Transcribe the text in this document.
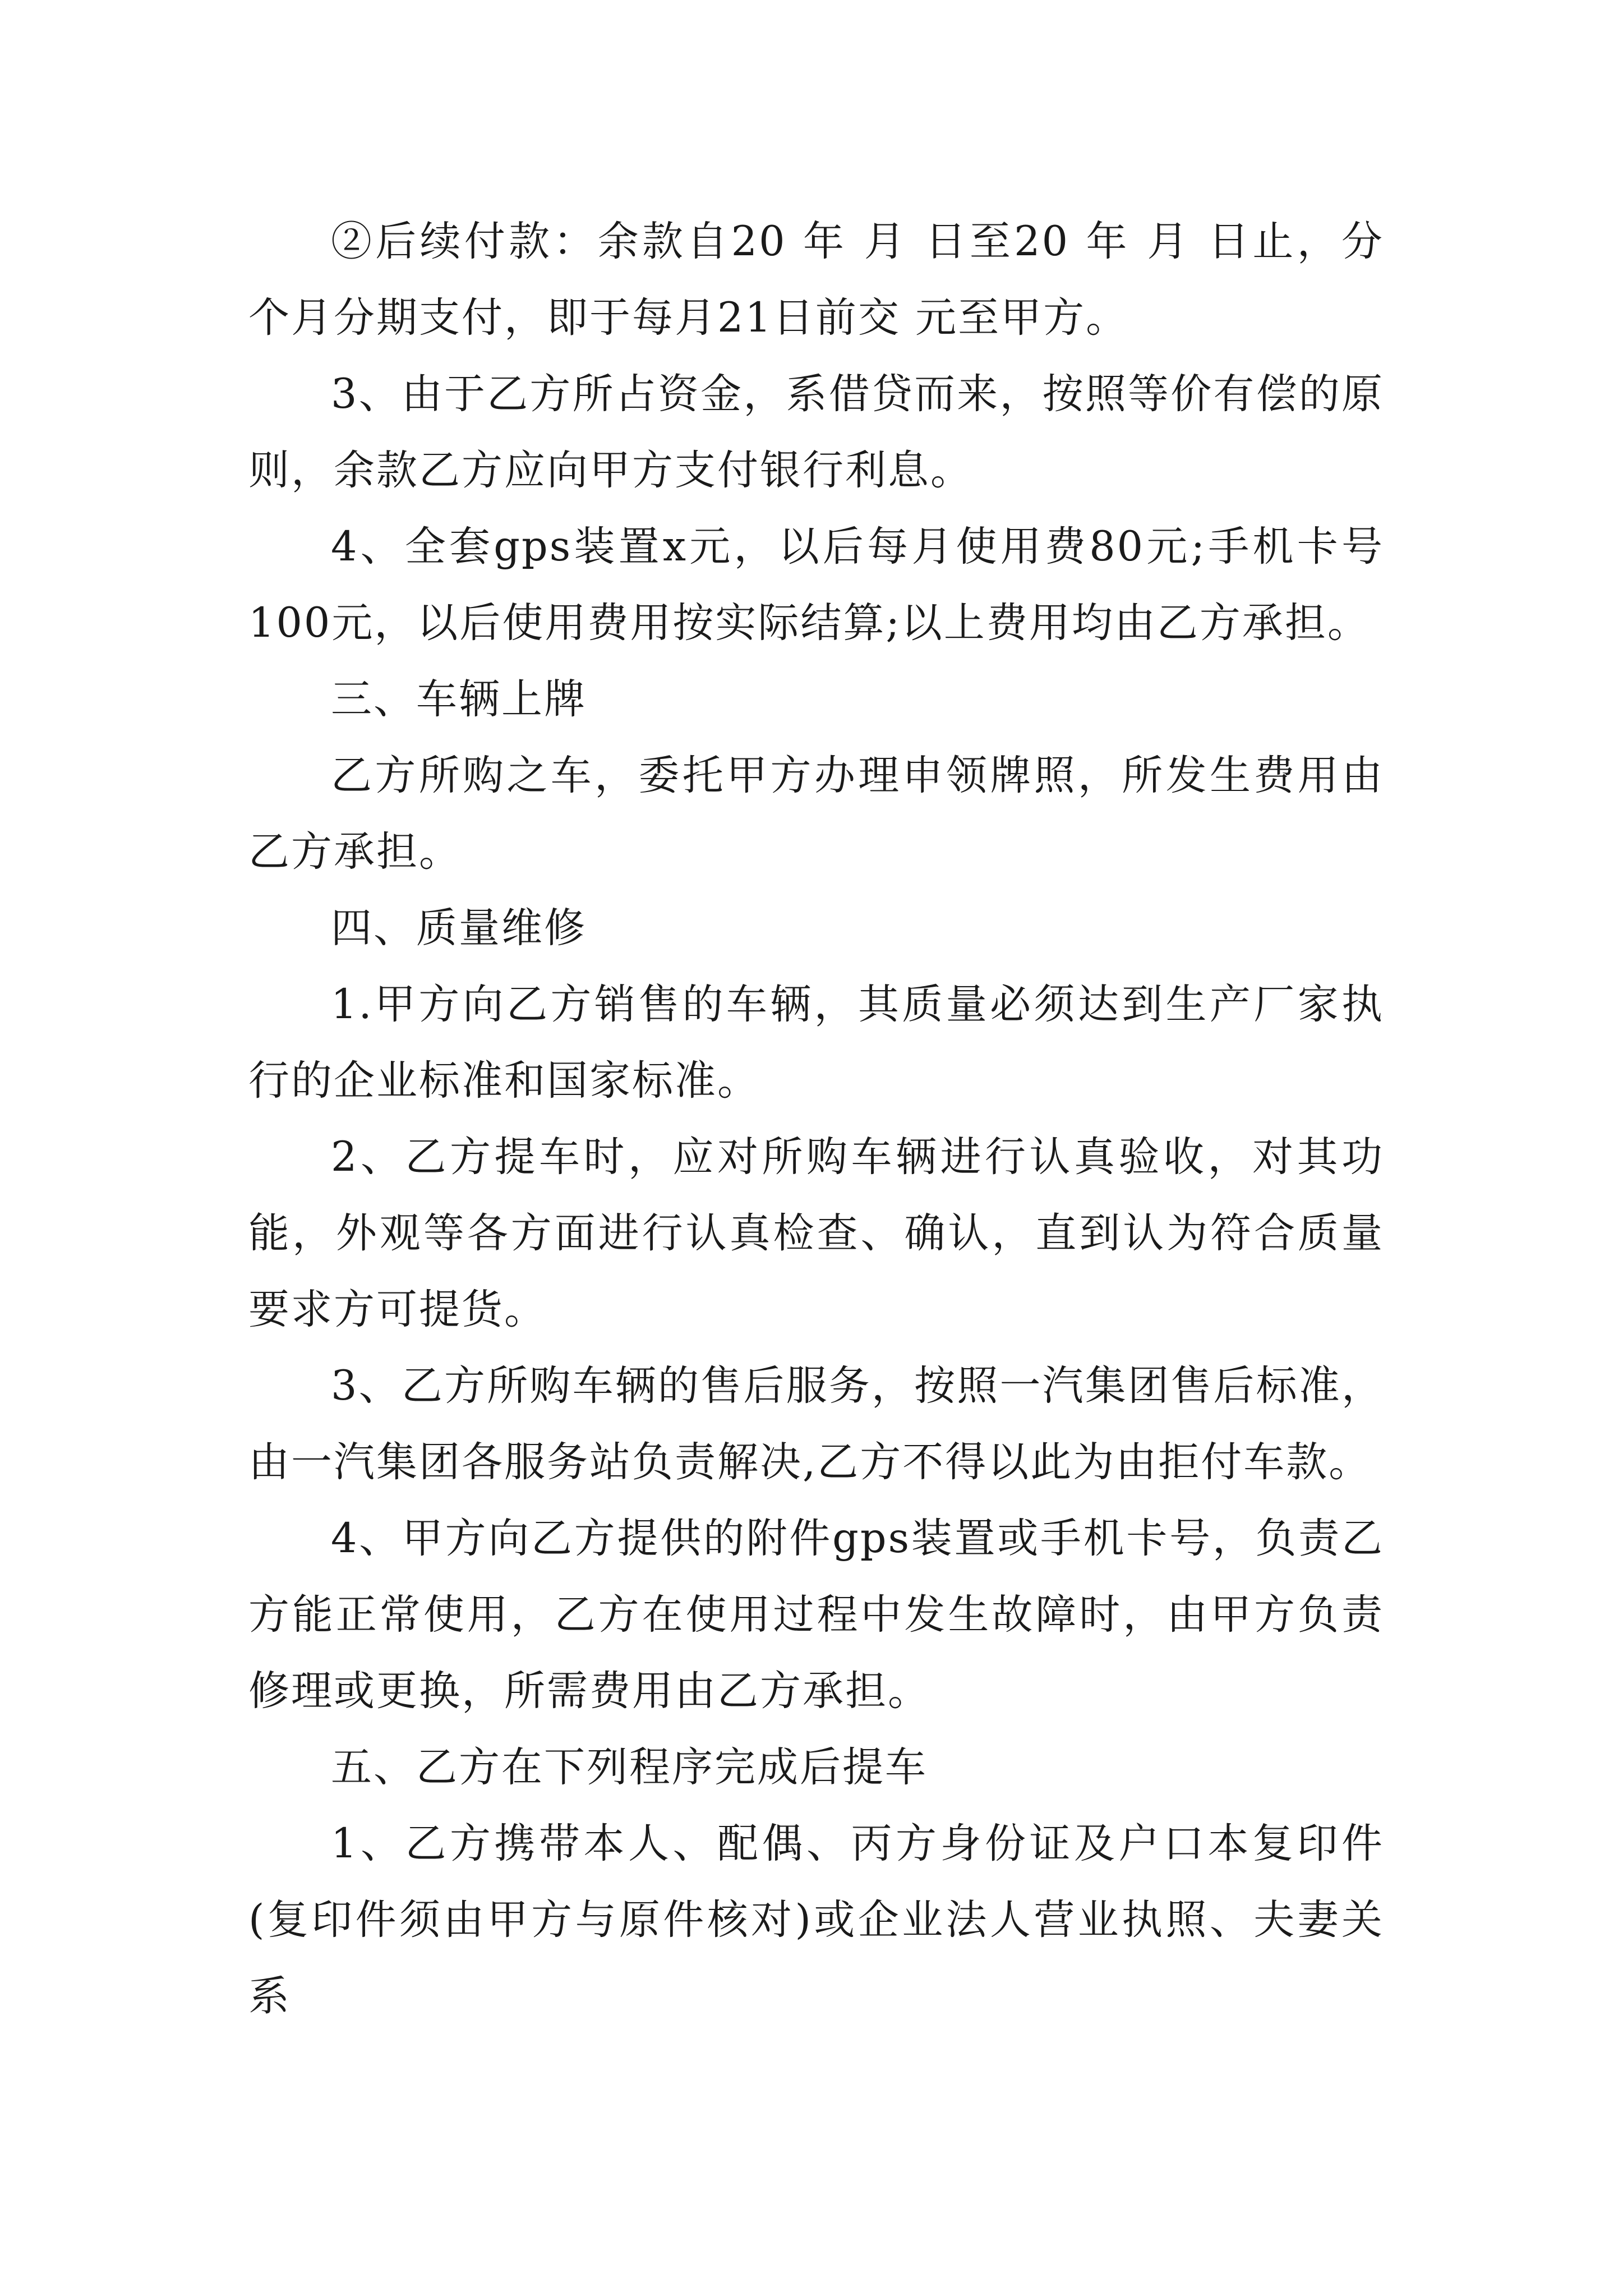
②后续付款：余款自20 年 月 日至20 年 月 日止，分 个月分期支付，即于每月21日前交 元至甲方。

3、由于乙方所占资金，系借贷而来，按照等价有偿的原则，余款乙方应向甲方支付银行利息。

4、全套gps装置x元，以后每月使用费80元;手机卡号100元，以后使用费用按实际结算;以上费用均由乙方承担。

三、车辆上牌

乙方所购之车，委托甲方办理申领牌照，所发生费用由乙方承担。

四、质量维修

1.甲方向乙方销售的车辆，其质量必须达到生产厂家执行的企业标准和国家标准。

2、乙方提车时，应对所购车辆进行认真验收，对其功能，外观等各方面进行认真检查、确认，直到认为符合质量要求方可提货。

3、乙方所购车辆的售后服务，按照一汽集团售后标准，由一汽集团各服务站负责解决,乙方不得以此为由拒付车款。

4、甲方向乙方提供的附件gps装置或手机卡号，负责乙方能正常使用，乙方在使用过程中发生故障时，由甲方负责修理或更换，所需费用由乙方承担。

五、乙方在下列程序完成后提车

1、乙方携带本人、配偶、丙方身份证及户口本复印件(复印件须由甲方与原件核对)或企业法人营业执照、夫妻关系
